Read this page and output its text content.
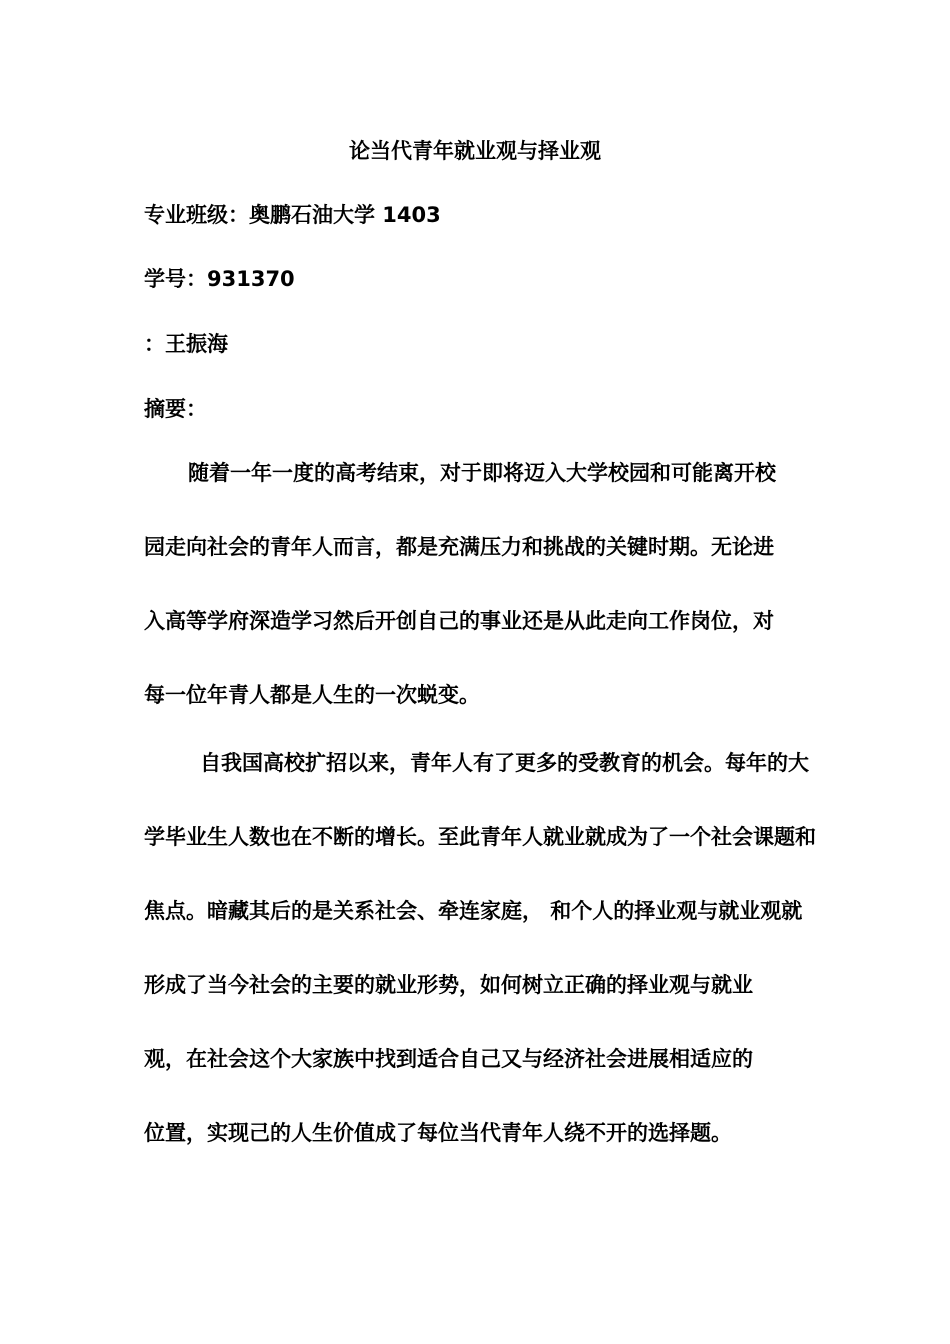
论当代青年就业观与择业观
专业班级：奥鹏石油大学 1403
学号：931370
：王振海
摘要：
随着一年一度的高考结束，对于即将迈入大学校园和可能离开校
园走向社会的青年人而言，都是充满压力和挑战的关键时期。无论进
入高等学府深造学习然后开创自己的事业还是从此走向工作岗位，对
每一位年青人都是人生的一次蜕变。
自我国高校扩招以来，青年人有了更多的受教育的机会。每年的大
学毕业生人数也在不断的增长。至此青年人就业就成为了一个社会课题和
焦点。暗藏其后的是关系社会、牵连家庭， 和个人的择业观与就业观就
形成了当今社会的主要的就业形势，如何树立正确的择业观与就业
观，在社会这个大家族中找到适合自己又与经济社会进展相适应的
位置，实现己的人生价值成了每位当代青年人绕不开的选择题。
